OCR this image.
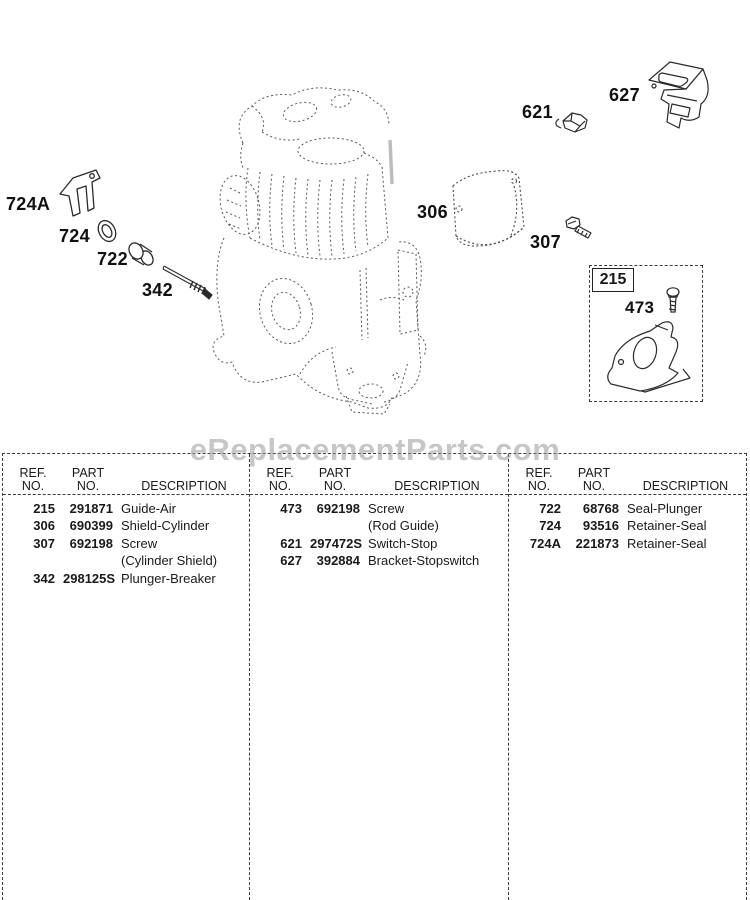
215
724A
724
722
342
306
307
621
627
473
eReplacementParts.com
REF.
NO.
PART
NO.	DESCRIPTION
215	291871 Guide-Air
306	690399 Shield-Cylinder
307	692198 Screw
(Cylinder Shield)
342 298125S Plunger-Breaker
REF.
NO.
PART
NO.	DESCRIPTION
473	692198 Screw
(Rod Guide)
621 297472S Switch-Stop
627	392884 Bracket-Stopswitch
REF.
NO.
PART
NO.	DESCRIPTION
722	68768 Seal-Plunger
724	93516 Retainer-Seal
724A	221873 Retainer-Seal
